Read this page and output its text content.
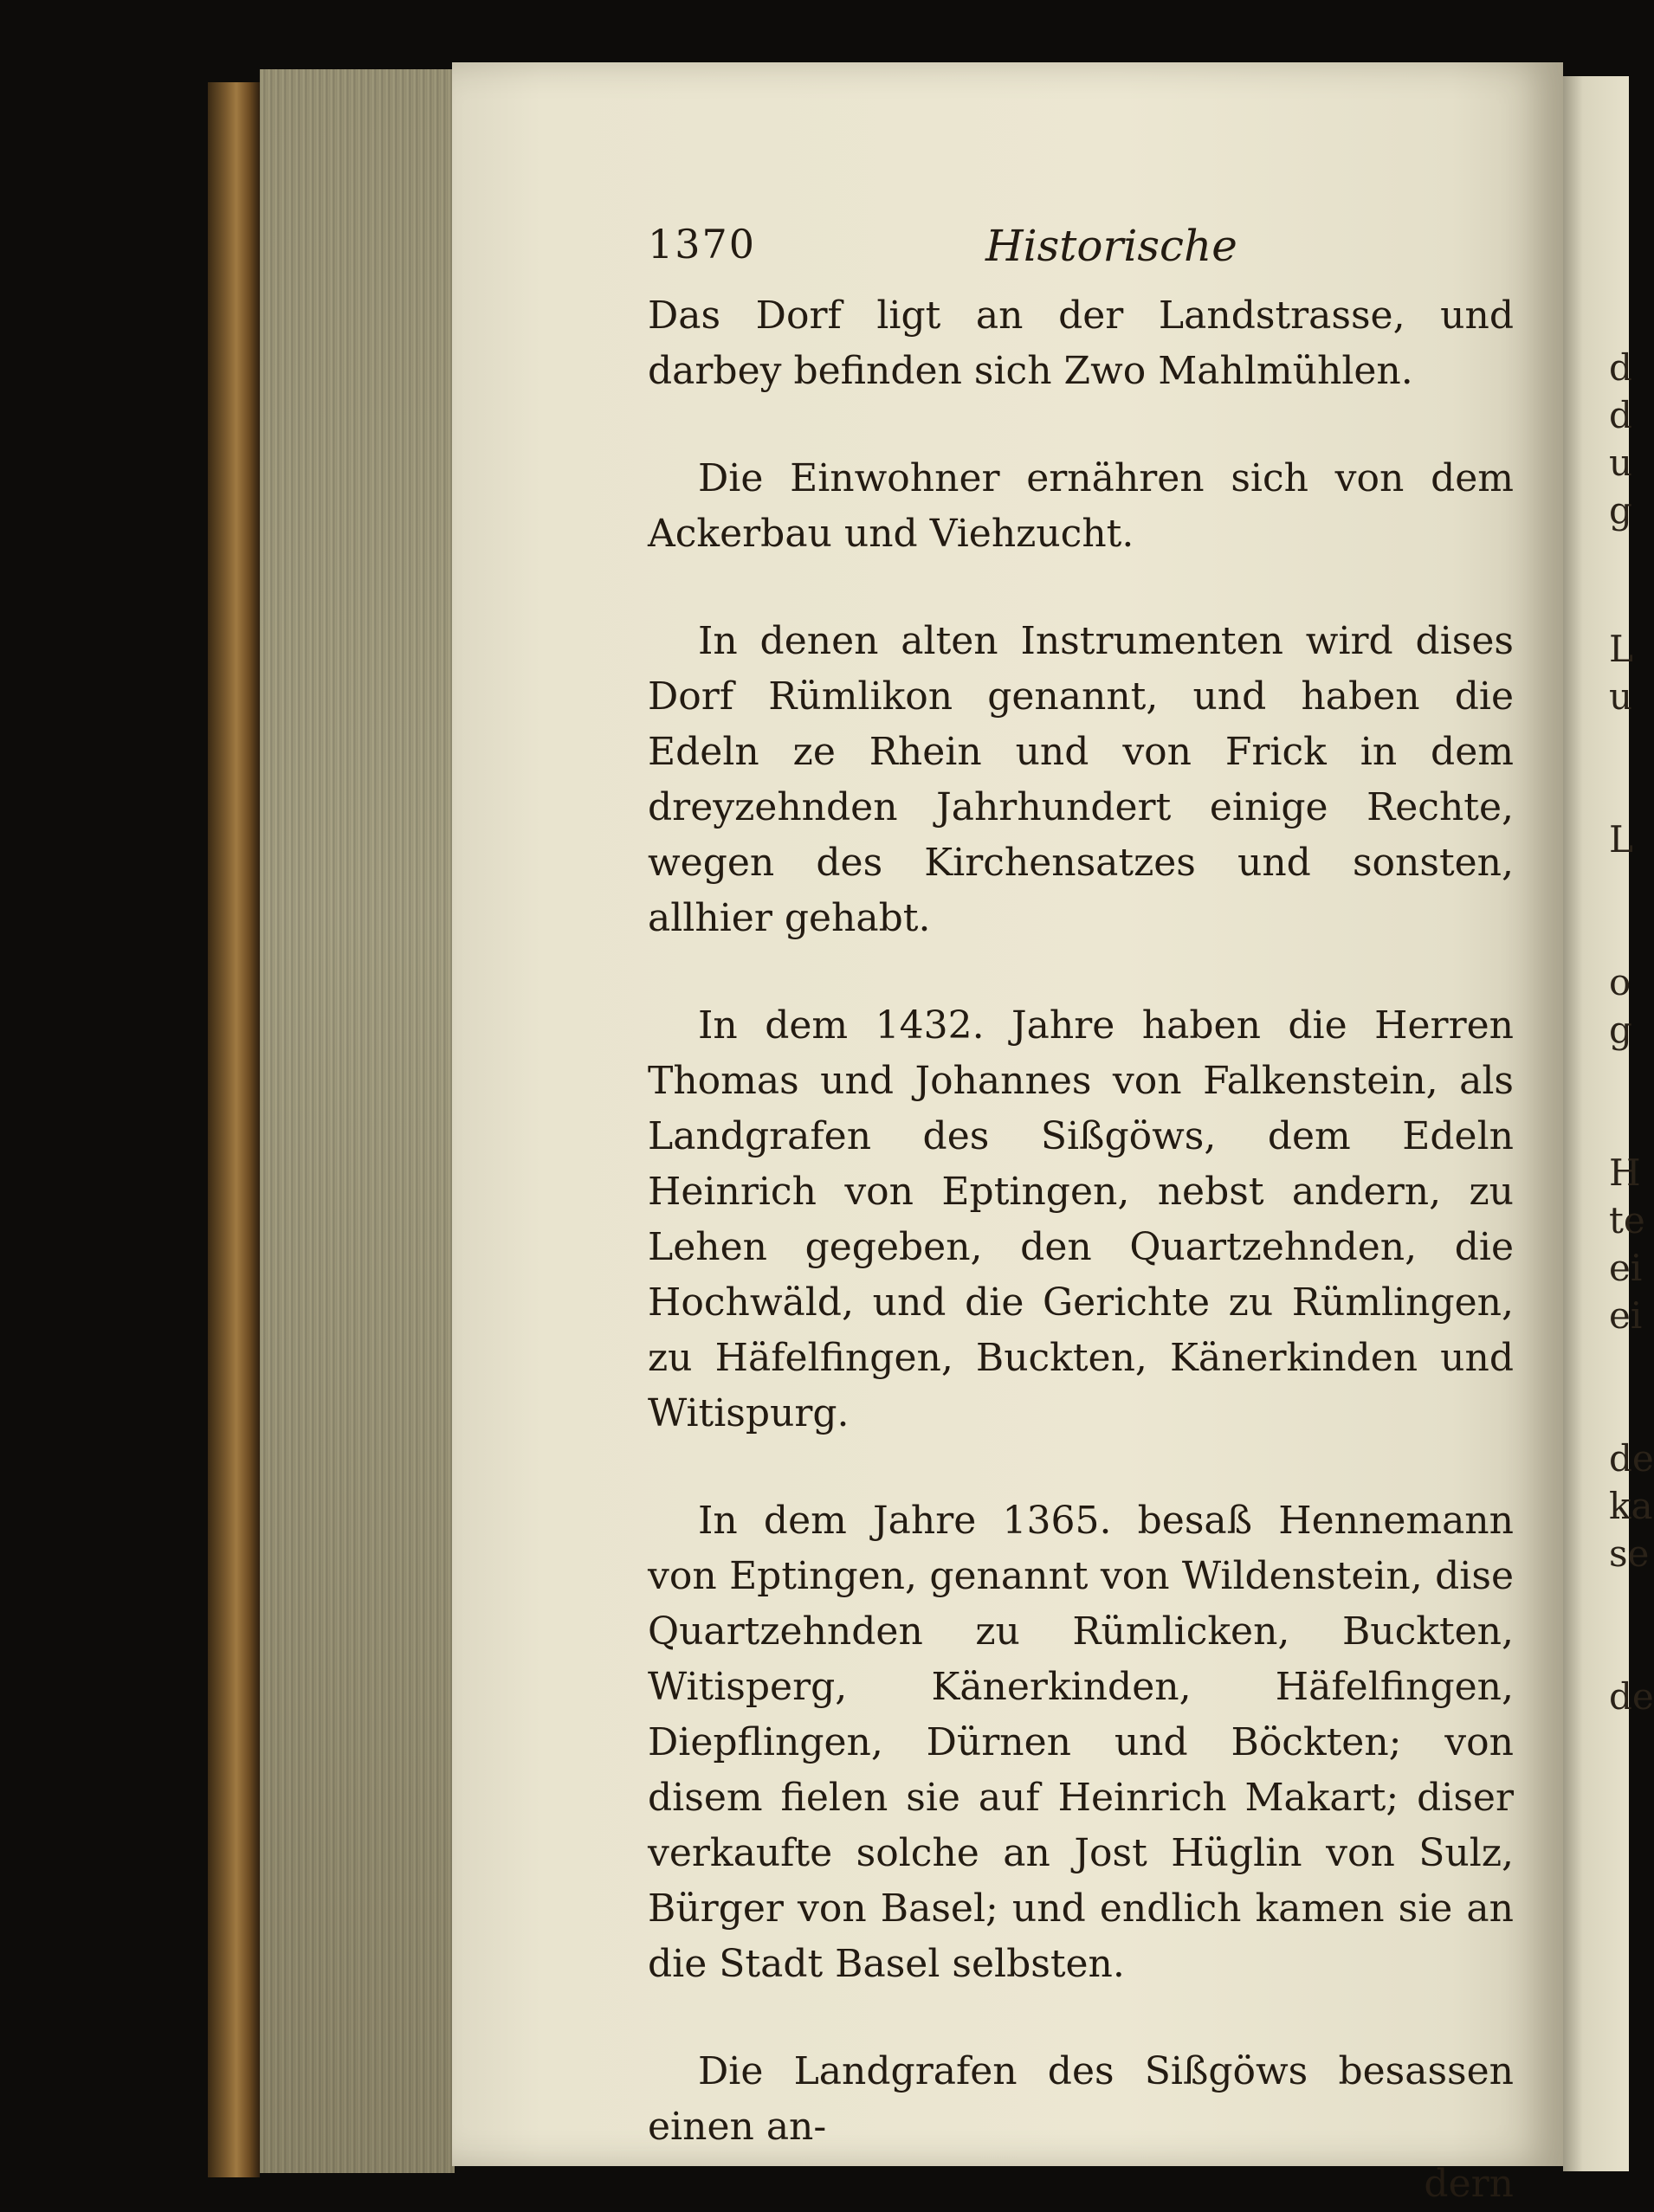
d
d
u
g
L
u
L
o
g
H
te
ei
ei
de
ka
se
de
1370	Historische

Das Dorf ligt an der Landstrasse, und darbey befinden sich Zwo Mahlmühlen.

Die Einwohner ernähren sich von dem Ackerbau und Viehzucht.

In denen alten Instrumenten wird dises Dorf Rümlikon genannt, und haben die Edeln ze Rhein und von Frick in dem dreyzehnden Jahrhundert einige Rechte, wegen des Kirchensatzes und sonsten, allhier gehabt.

In dem 1432. Jahre haben die Herren Thomas und Johannes von Falkenstein, als Landgrafen des Sißgöws, dem Edeln Heinrich von Eptingen, nebst andern, zu Lehen gegeben, den Quartzehnden, die Hochwäld, und die Gerichte zu Rümlingen, zu Häfelfingen, Buckten, Känerkinden und Witispurg.

In dem Jahre 1365. besaß Hennemann von Eptingen, genannt von Wildenstein, dise Quartzehnden zu Rümlicken, Buckten, Witisperg, Känerkinden, Häfelfingen, Diepflingen, Dürnen und Böckten; von disem fielen sie auf Heinrich Makart; diser verkaufte solche an Jost Hüglin von Sulz, Bürger von Basel; und endlich kamen sie an die Stadt Basel selbsten.

Die Landgrafen des Sißgöws besassen einen an-

dern
